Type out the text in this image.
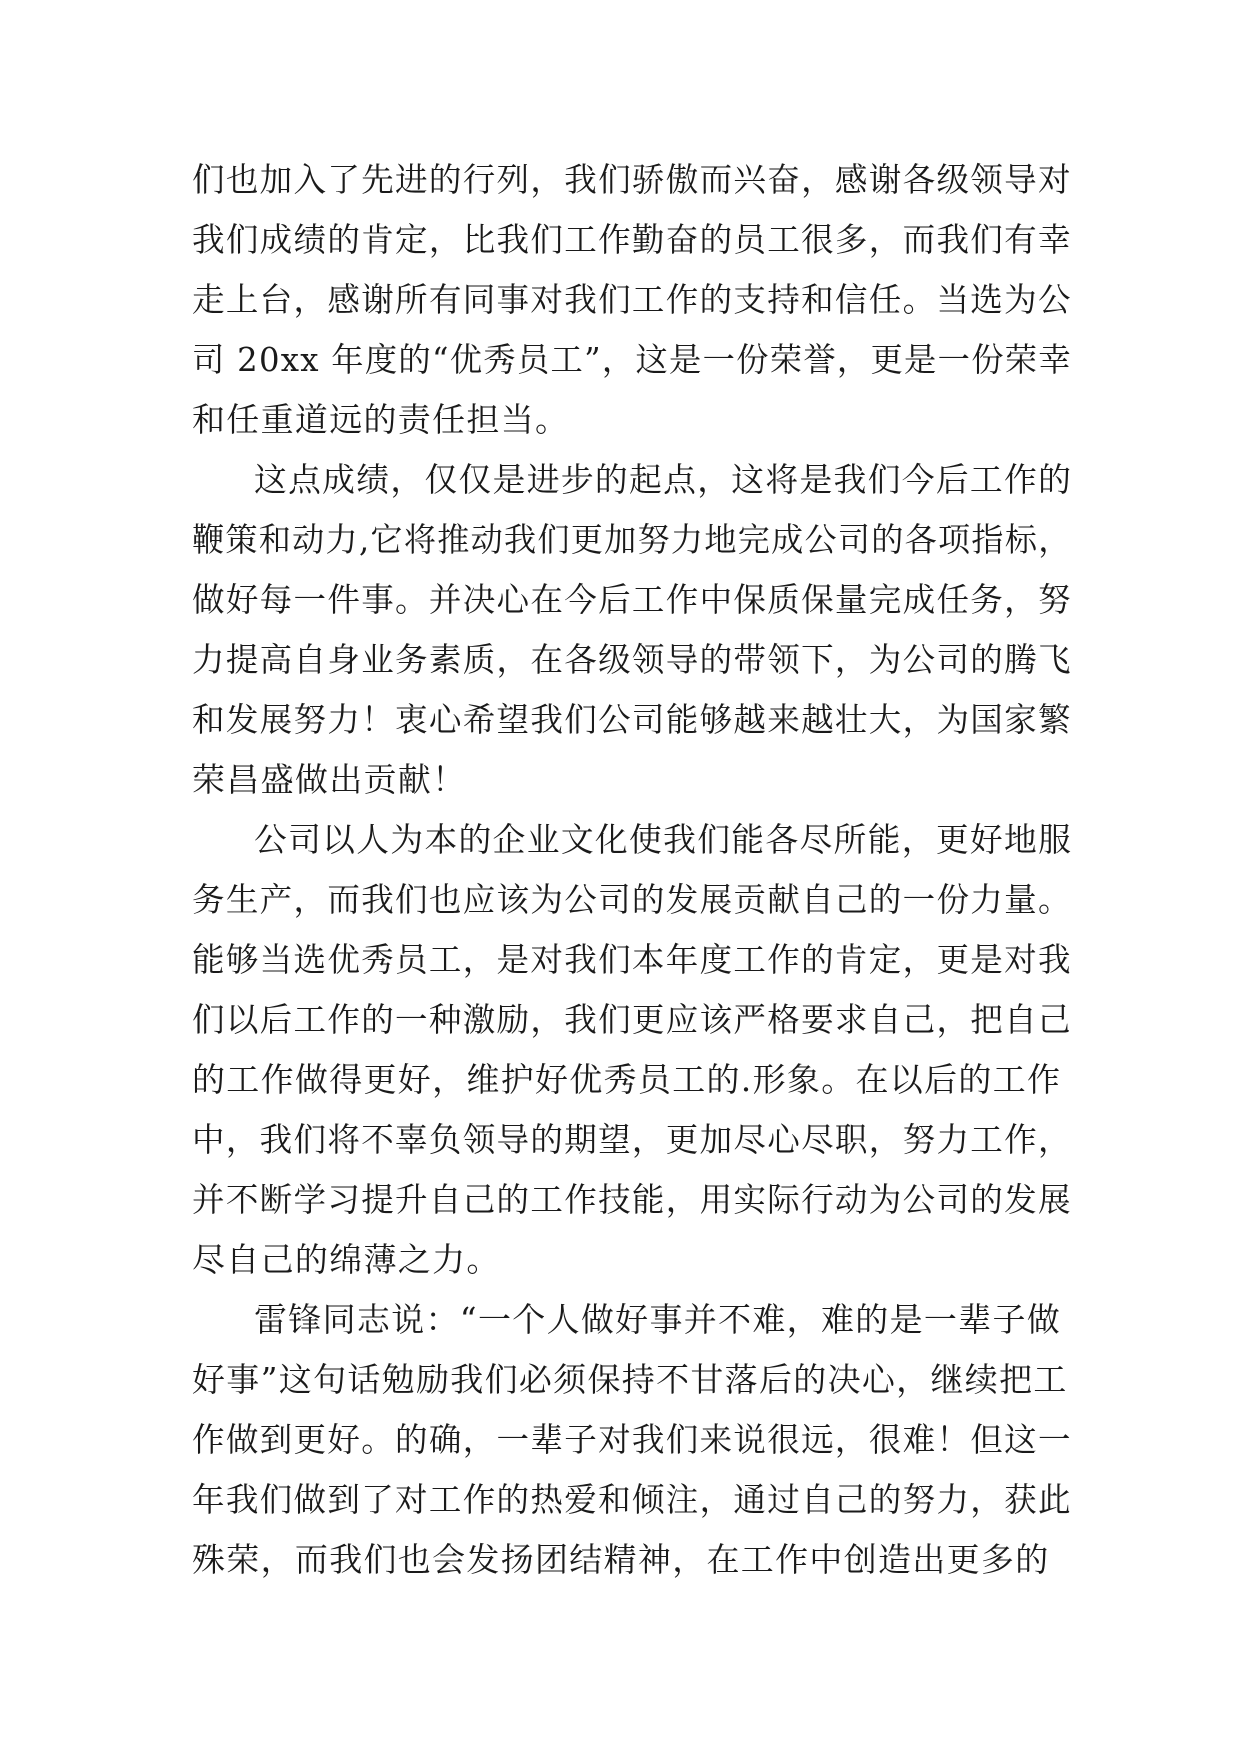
们也加入了先进的行列，我们骄傲而兴奋，感谢各级领导对
我们成绩的肯定，比我们工作勤奋的员工很多，而我们有幸
走上台，感谢所有同事对我们工作的支持和信任。当选为公
司 20xx 年度的“优秀员工”，这是一份荣誉，更是一份荣幸
和任重道远的责任担当。
这点成绩，仅仅是进步的起点，这将是我们今后工作的
鞭策和动力,它将推动我们更加努力地完成公司的各项指标，
做好每一件事。并决心在今后工作中保质保量完成任务，努
力提高自身业务素质，在各级领导的带领下，为公司的腾飞
和发展努力！衷心希望我们公司能够越来越壮大，为国家繁
荣昌盛做出贡献！
公司以人为本的企业文化使我们能各尽所能，更好地服
务生产，而我们也应该为公司的发展贡献自己的一份力量。
能够当选优秀员工，是对我们本年度工作的肯定，更是对我
们以后工作的一种激励，我们更应该严格要求自己，把自己
的工作做得更好，维护好优秀员工的.形象。在以后的工作
中，我们将不辜负领导的期望，更加尽心尽职，努力工作，
并不断学习提升自己的工作技能，用实际行动为公司的发展
尽自己的绵薄之力。
雷锋同志说：“一个人做好事并不难，难的是一辈子做
好事”这句话勉励我们必须保持不甘落后的决心，继续把工
作做到更好。的确，一辈子对我们来说很远，很难！但这一
年我们做到了对工作的热爱和倾注，通过自己的努力，获此
殊荣，而我们也会发扬团结精神，在工作中创造出更多的
